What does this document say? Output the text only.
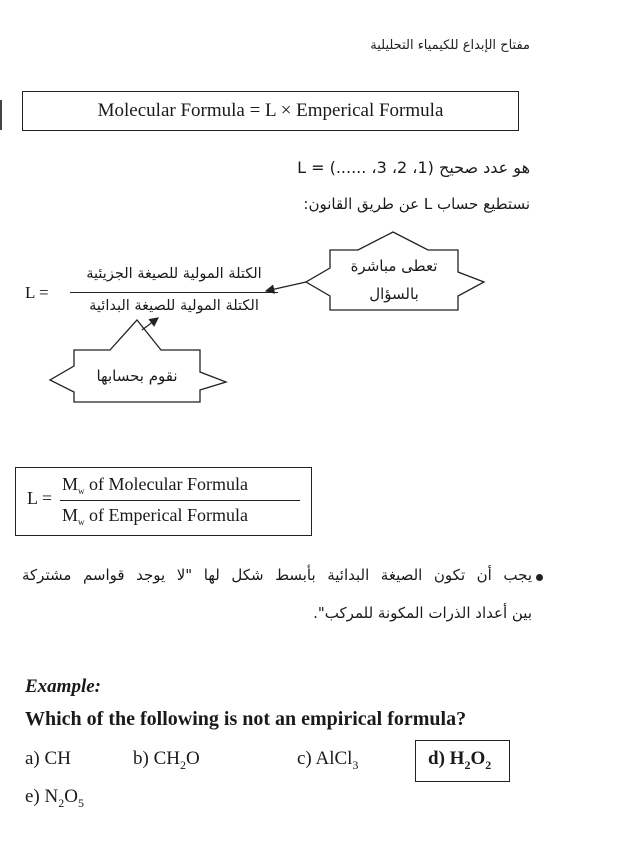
مفتاح الإبداع للكيمياء التحليلية
Molecular Formula = L × Emperical Formula
L = هو عدد صحيح (1، 2، 3، ......)
نستطيع حساب L عن طريق القانون:
L =
الكتلة المولية للصيغة الجزيئية
الكتلة المولية للصيغة البدائية
تعطى مباشرة
بالسؤال
نقوم بحسابها
L =
$M_w$ of Molecular Formula
$M_w$ of Emperical Formula
يجب أن تكون الصيغة البدائية بأبسط شكل لها "لا يوجد قواسم مشتركة
بين أعداد الذرات المكونة للمركب".
Example:
Which of the following is not an empirical formula?
a) CH	b) $CH_2O$	c) AlCl$_3$	d) $H_2O_2$
e) $N_2O_5$
